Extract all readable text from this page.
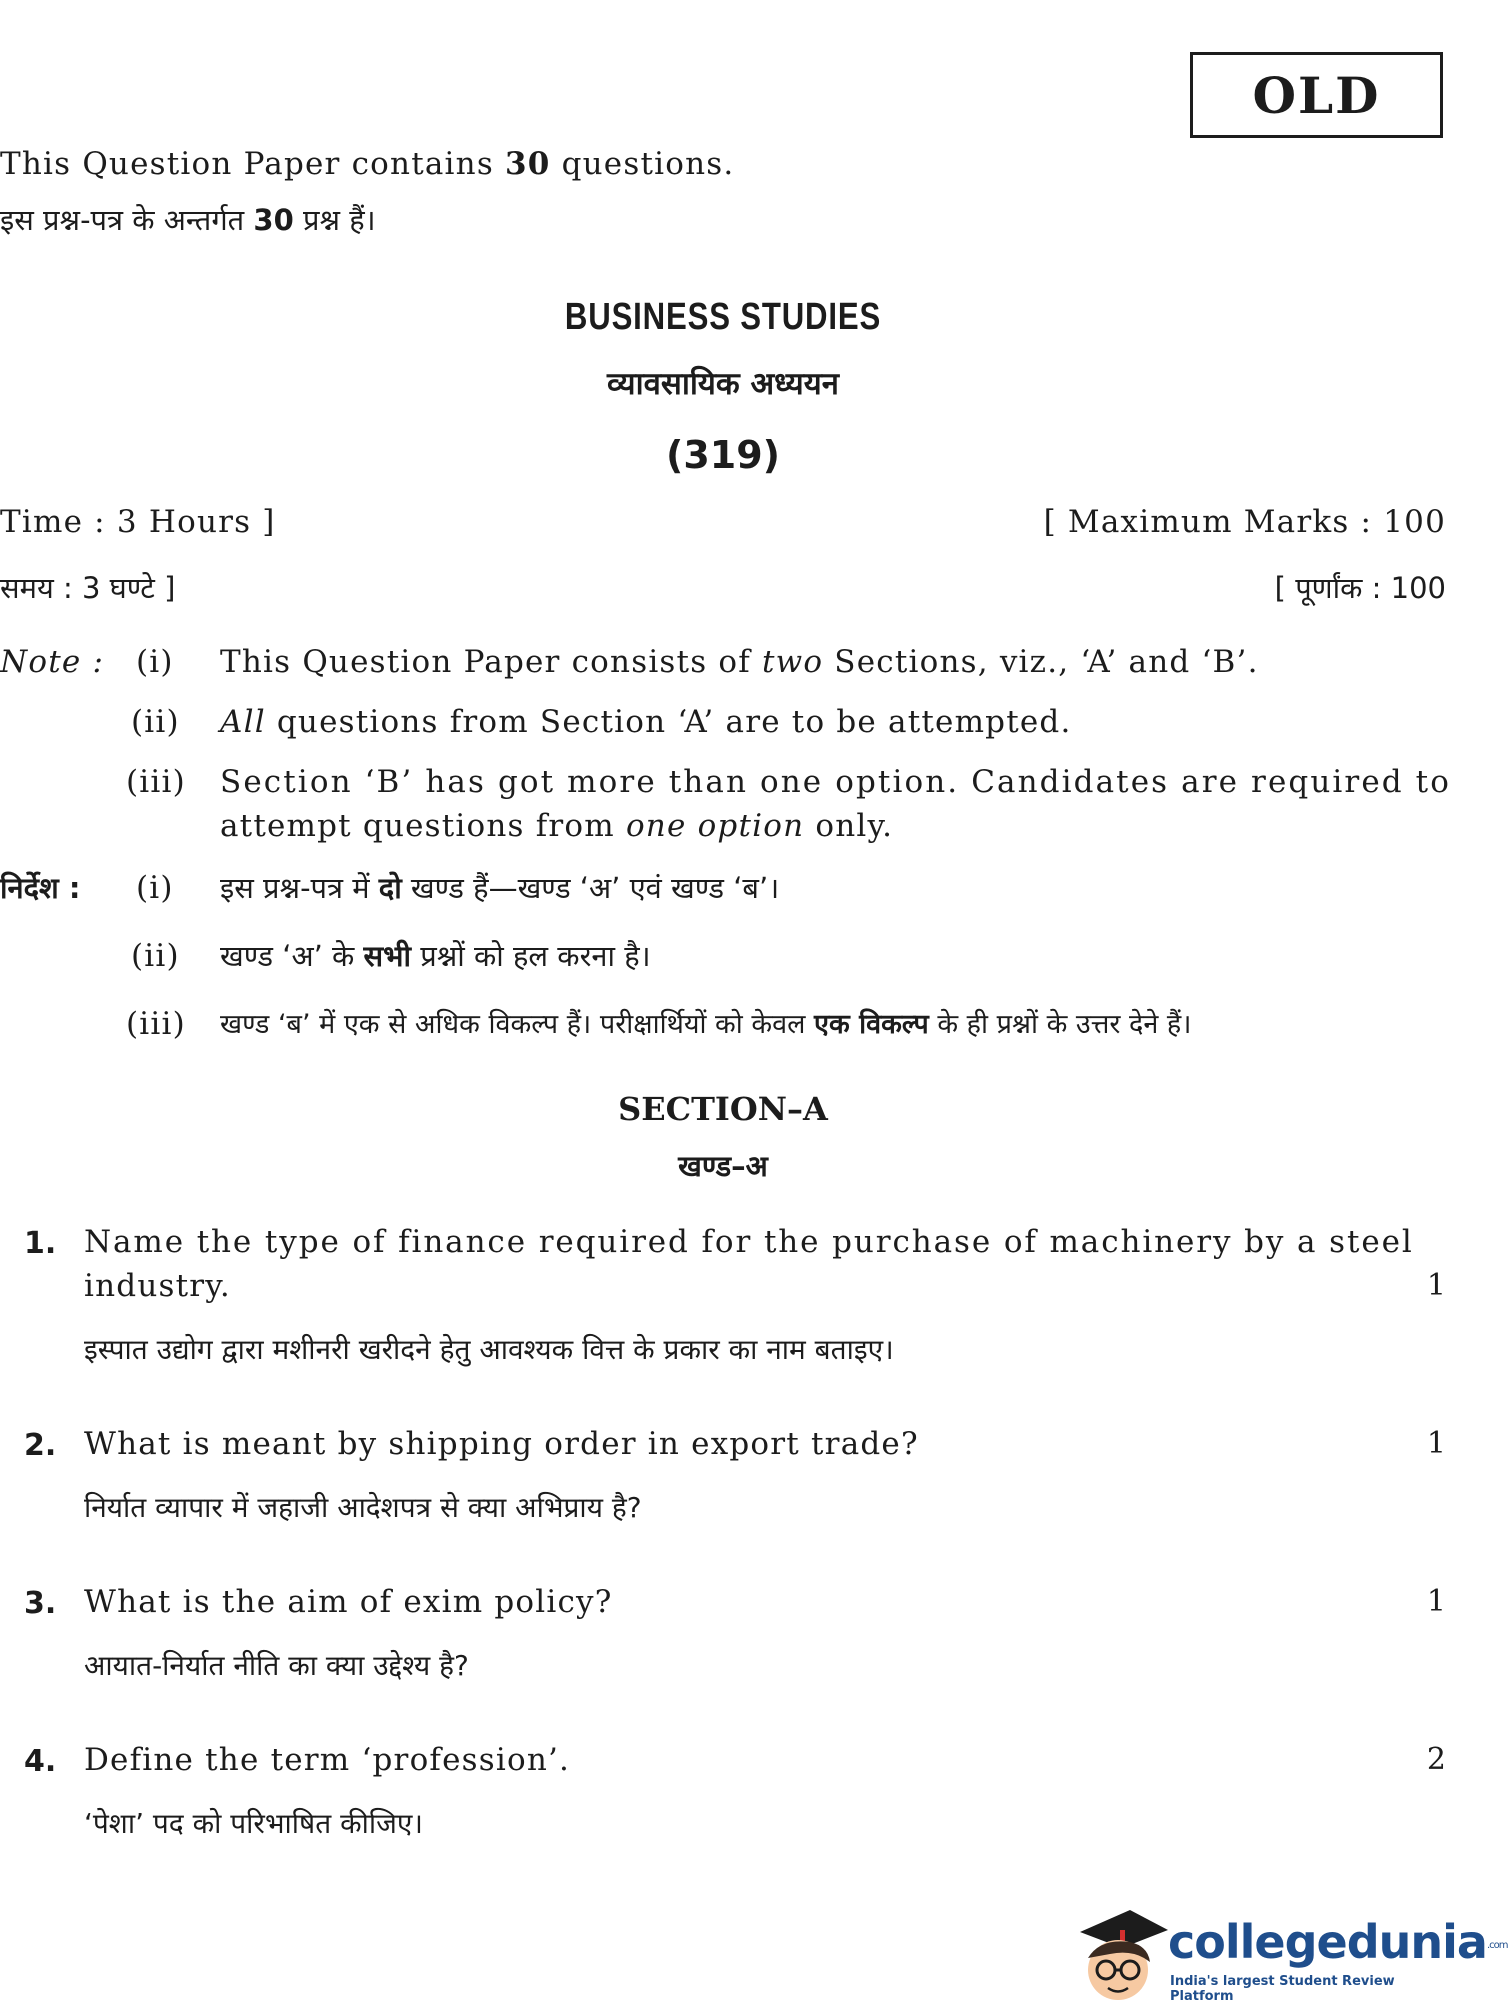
OLD
This Question Paper contains 30 questions.
इस प्रश्न-पत्र के अन्तर्गत 30 प्रश्न हैं।
BUSINESS STUDIES
व्यावसायिक अध्ययन
(319)
Time : 3 Hours ]	[ Maximum Marks : 100
समय : 3 घण्टे ]	[ पूर्णांक : 100
Note : (i) This Question Paper consists of two Sections, viz., ‘A’ and ‘B’.
(ii) All questions from Section ‘A’ are to be attempted.
(iii) Section ‘B’ has got more than one option. Candidates are required to
attempt questions from one option only.
निर्देश : (i) इस प्रश्न-पत्र में दो खण्ड हैं—खण्ड ‘अ’ एवं खण्ड ‘ब’।
(ii) खण्ड ‘अ’ के सभी प्रश्नों को हल करना है।
(iii) खण्ड ‘ब’ में एक से अधिक विकल्प हैं। परीक्षार्थियों को केवल एक विकल्प के ही प्रश्नों के उत्तर देने हैं।
SECTION–A
खण्ड–अ
1. Name the type of finance required for the purchase of machinery by a steel
industry.	1
इस्पात उद्योग द्वारा मशीनरी खरीदने हेतु आवश्यक वित्त के प्रकार का नाम बताइए।
2. What is meant by shipping order in export trade?	1
निर्यात व्यापार में जहाजी आदेशपत्र से क्या अभिप्राय है?
3. What is the aim of exim policy?	1
आयात-निर्यात नीति का क्या उद्देश्य है?
4. Define the term ‘profession’.	2
‘पेशा’ पद को परिभाषित कीजिए।
collegedunia.com
India's largest Student Review Platform
